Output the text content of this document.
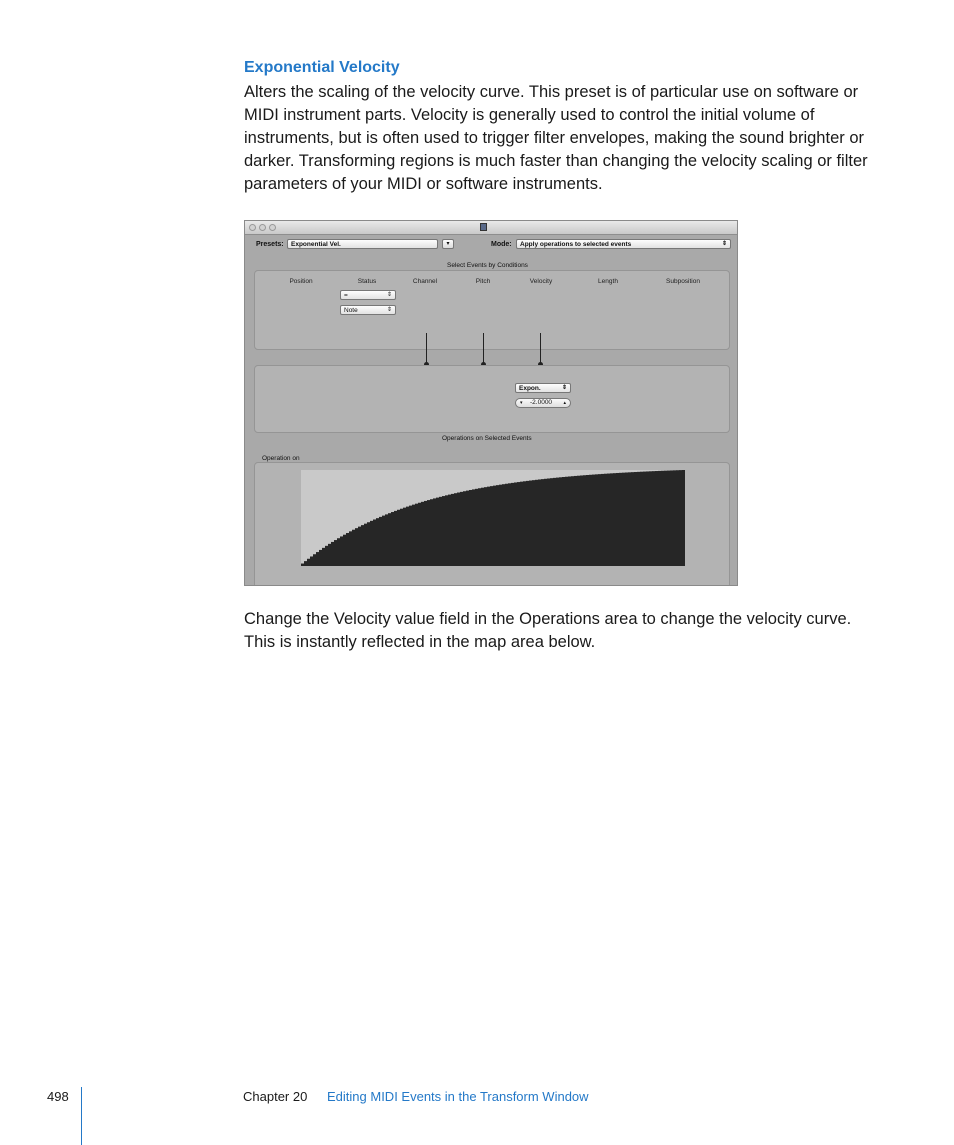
Exponential Velocity
Alters the scaling of the velocity curve. This preset is of particular use on software or MIDI instrument parts. Velocity is generally used to control the initial volume of instruments, but is often used to trigger filter envelopes, making the sound brighter or darker. Transforming regions is much faster than changing the velocity scaling or filter parameters of your MIDI or software instruments.
Presets:	Exponential Vel.	▾	Mode:	Apply operations to selected events	⇕
Select Events by Conditions
Position	Status	Channel	Pitch	Velocity	Length	Subposition
=	⇕
Note	⇕
Expon.	⇕
▾ -2.0000 ▴
Operations on Selected Events
Operation on
Change the Velocity value field in the Operations area to change the velocity curve. This is instantly reflected in the map area below.
498	Chapter 20 Editing MIDI Events in the Transform Window
